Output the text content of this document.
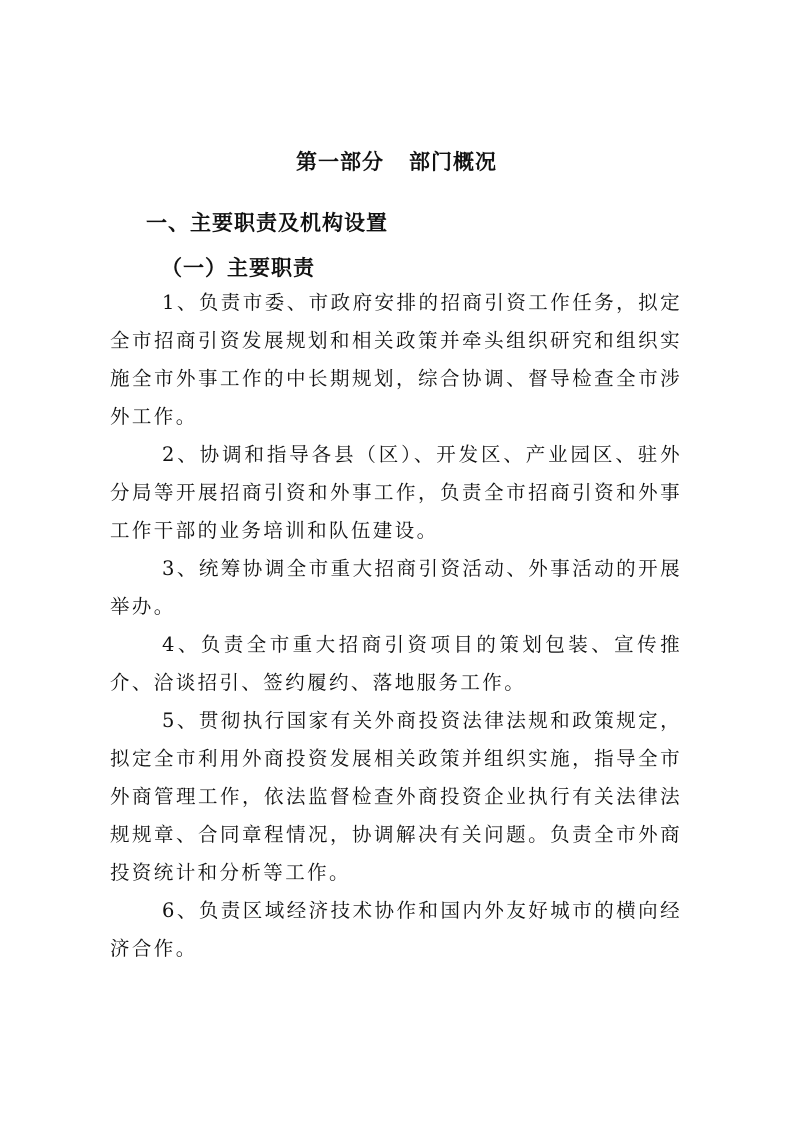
第一部分   部门概况
一、主要职责及机构设置
（一）主要职责

1、负责市委、市政府安排的招商引资工作任务，拟定全市招商引资发展规划和相关政策并牵头组织研究和组织实施全市外事工作的中长期规划，综合协调、督导检查全市涉外工作。

2、协调和指导各县（区）、开发区、产业园区、驻外分局等开展招商引资和外事工作，负责全市招商引资和外事工作干部的业务培训和队伍建设。

3、统筹协调全市重大招商引资活动、外事活动的开展举办。

4、负责全市重大招商引资项目的策划包装、宣传推介、洽谈招引、签约履约、落地服务工作。

5、贯彻执行国家有关外商投资法律法规和政策规定，拟定全市利用外商投资发展相关政策并组织实施，指导全市外商管理工作，依法监督检查外商投资企业执行有关法律法规规章、合同章程情况，协调解决有关问题。负责全市外商投资统计和分析等工作。

6、负责区域经济技术协作和国内外友好城市的横向经济合作。
